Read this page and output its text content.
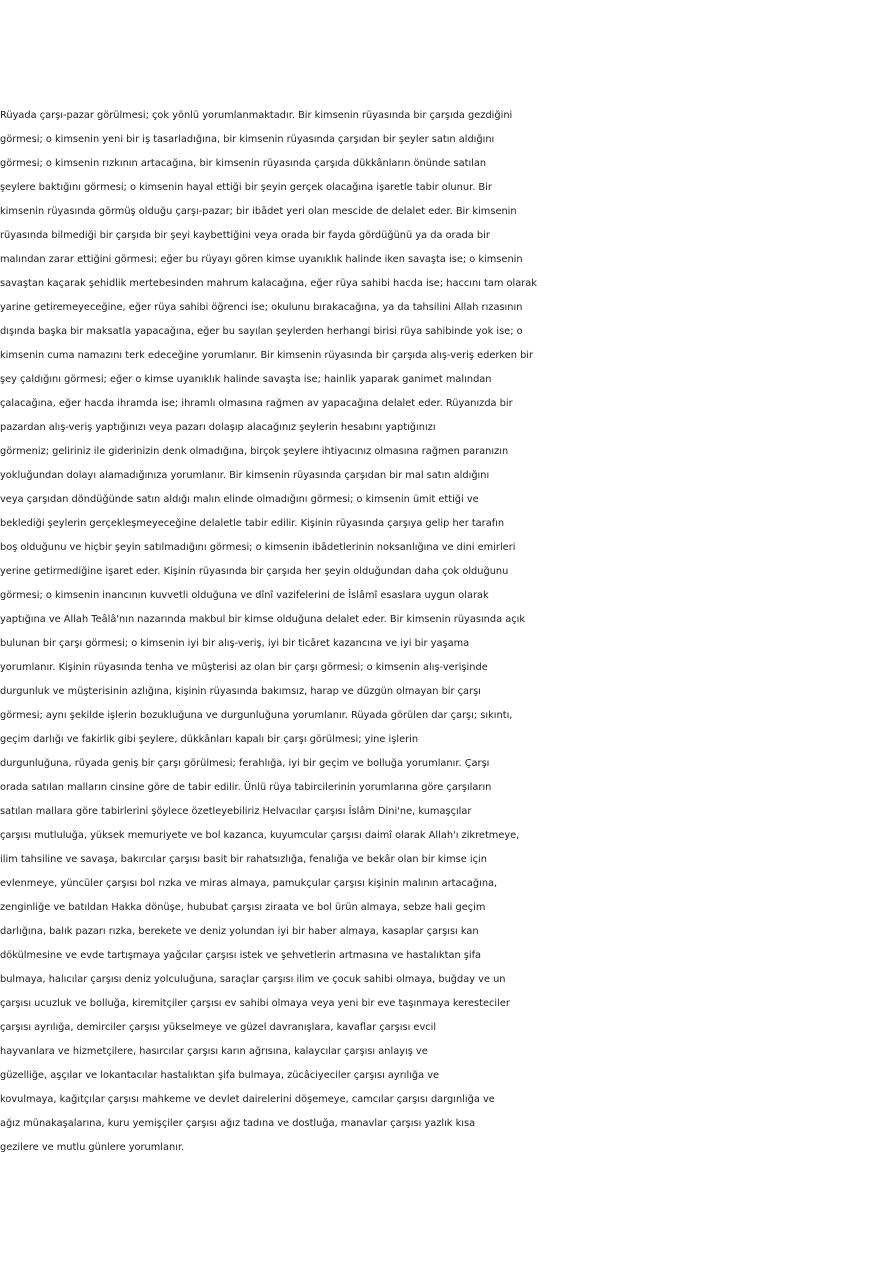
Rüyada çarşı-pazar görülmesi; çok yönlü yorumlanmaktadır. Bir kimsenin rüyasında bir çarşıda gezdiğini
görmesi; o kimsenin yeni bir iş tasarladığına, bir kimsenin rüyasında çarşıdan bir şeyler satın aldığını
görmesi; o kimsenin rızkının artacağına, bir kimsenin rüyasında çarşıda dükkânların önünde satılan
şeylere baktığını görmesi; o kimsenin hayal ettiği bir şeyin gerçek olacağına işaretle tabir olunur. Bir
kimsenin rüyasında görmüş olduğu çarşı-pazar; bir ibâdet yeri olan mescide de delalet eder. Bir kimsenin
rüyasında bilmediği bir çarşıda bir şeyi kaybettiğini veya orada bir fayda gördüğünü ya da orada bir
malından zarar ettiğini görmesi; eğer bu rüyayı gören kimse uyanıklık halinde iken savaşta ise; o kimsenin
savaştan kaçarak şehidlik mertebesinden mahrum kalacağına, eğer rüya sahibi hacda ise; haccını tam olarak
yarine getiremeyeceğine, eğer rüya sahibi öğrenci ise; okulunu bırakacağına, ya da tahsilini Allah rızasının
dışında başka bir maksatla yapacağına, eğer bu sayılan şeylerden herhangi birisi rüya sahibinde yok ise; o
kimsenin cuma namazını terk edeceğine yorumlanır. Bir kimsenin rüyasında bir çarşıda alış-veriş ederken bir
şey çaldığını görmesi; eğer o kimse uyanıklık halinde savaşta ise; hainlik yaparak ganimet malından
çalacağına, eğer hacda ihramda ise; ihramlı olmasına rağmen av yapacağına delalet eder. Rüyanızda bir
pazardan alış-veriş yaptığınızı veya pazarı dolaşıp alacağınız şeylerin hesabını yaptığınızı
görmeniz; geliriniz ile giderinizin denk olmadığına, birçok şeylere ihtiyacınız olmasına rağmen paranızın
yokluğundan dolayı alamadığınıza yorumlanır. Bir kimsenin rüyasında çarşıdan bir mal satın aldığını
veya çarşıdan döndüğünde satın aldığı malın elinde olmadığını görmesi; o kimsenin ümit ettiği ve
beklediği şeylerin gerçekleşmeyeceğine delaletle tabir edilir. Kişinin rüyasında çarşıya gelip her tarafın
boş olduğunu ve hiçbir şeyin satılmadığını görmesi; o kimsenin ibâdetlerinin noksanlığına ve dini emirleri
yerine getirmediğine işaret eder. Kişinin rüyasında bir çarşıda her şeyin olduğundan daha çok olduğunu
görmesi; o kimsenin inancının kuvvetli olduğuna ve dînî vazifelerini de İslâmî esaslara uygun olarak
yaptığına ve Allah Teâlâ'nın nazarında makbul bir kimse olduğuna delalet eder. Bir kimsenin rüyasında açık
bulunan bir çarşı görmesi; o kimsenin iyi bir alış-veriş, iyi bir ticâret kazancına ve iyi bir yaşama
yorumlanır. Kişinin rüyasında tenha ve müşterisi az olan bir çarşı görmesi; o kimsenin alış-verişinde
durgunluk ve müşterisinin azlığına, kişinin rüyasında bakımsız, harap ve düzgün olmayan bir çarşı
görmesi; aynı şekilde işlerin bozukluğuna ve durgunluğuna yorumlanır. Rüyada görülen dar çarşı; sıkıntı,
geçim darlığı ve fakirlik gibi şeylere, dükkânları kapalı bir çarşı görülmesi; yine işlerin
durgunluğuna, rüyada geniş bir çarşı görülmesi; ferahlığa, iyi bir geçim ve bolluğa yorumlanır. Çarşı
orada satılan malların cinsine göre de tabir edilir. Ünlü rüya tabircilerinin yorumlarına göre çarşıların
satılan mallara göre tabirlerini şöylece özetleyebiliriz Helvacılar çarşısı İslâm Dini'ne, kumaşçılar
çarşısı mutluluğa, yüksek memuriyete ve bol kazanca, kuyumcular çarşısı daimî olarak Allah'ı zikretmeye,
ilim tahsiline ve savaşa, bakırcılar çarşısı basit bir rahatsızlığa, fenalığa ve bekâr olan bir kimse için
evlenmeye, yüncüler çarşısı bol rızka ve miras almaya, pamukçular çarşısı kişinin malının artacağına,
zenginliğe ve batıldan Hakka dönüşe, hububat çarşısı ziraata ve bol ürün almaya, sebze hali geçim
darlığına, balık pazarı rızka, berekete ve deniz yolundan iyi bir haber almaya, kasaplar çarşısı kan
dökülmesine ve evde tartışmaya yağcılar çarşısı istek ve şehvetlerin artmasına ve hastalıktan şifa
bulmaya, halıcılar çarşısı deniz yolculuğuna, saraçlar çarşısı ilim ve çocuk sahibi olmaya, buğday ve un
çarşısı ucuzluk ve bolluğa, kiremitçiler çarşısı ev sahibi olmaya veya yeni bir eve taşınmaya keresteciler
çarşısı ayrılığa, demirciler çarşısı yükselmeye ve güzel davranışlara, kavaflar çarşısı evcil
hayvanlara ve hizmetçilere, hasırcılar çarşısı karın ağrısına, kalaycılar çarşısı anlayış ve
güzelliğe, aşçılar ve lokantacılar hastalıktan şifa bulmaya, zücâciyeciler çarşısı ayrılığa ve
kovulmaya, kağıtçılar çarşısı mahkeme ve devlet dairelerini döşemeye, camcılar çarşısı dargınlığa ve
ağız münakaşalarına, kuru yemişçiler çarşısı ağız tadına ve dostluğa, manavlar çarşısı yazlık kısa
gezilere ve mutlu günlere yorumlanır.
